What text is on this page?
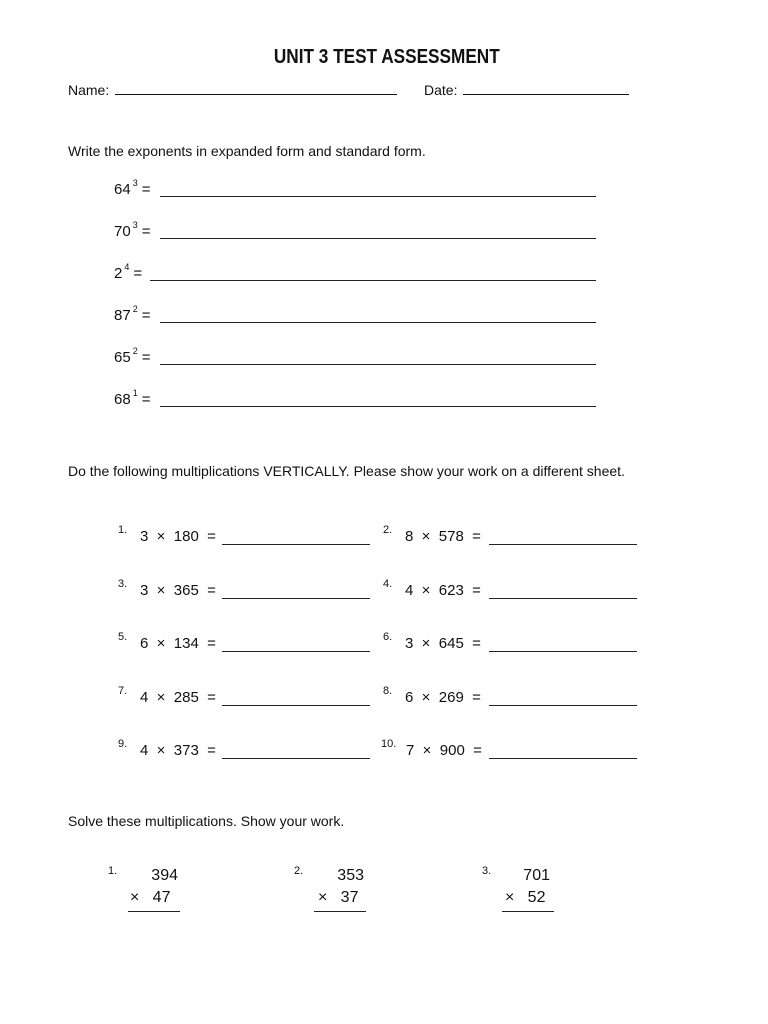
UNIT 3 TEST ASSESSMENT
Name:	Date:
Write the exponents in expanded form and standard form.
64 $^3$ =
70 $^3$ =
2 $^4$ =
87 $^2$ =
65 $^2$ =
68 $^1$ =
Do the following multiplications VERTICALLY. Please show your work on a different sheet.
1. 3  ×  180  =	2. 8  ×  578  =
3. 3  ×  365  =	4. 4  ×  623  =
5. 6  ×  134  =	6. 3  ×  645  =
7. 4  ×  285  =	8. 6  ×  269  =
9. 4  ×  373  =	10. 7  ×  900  =
Solve these multiplications. Show your work.
1. 394
×   47
2. 353
×   37
3. 701
×   52
